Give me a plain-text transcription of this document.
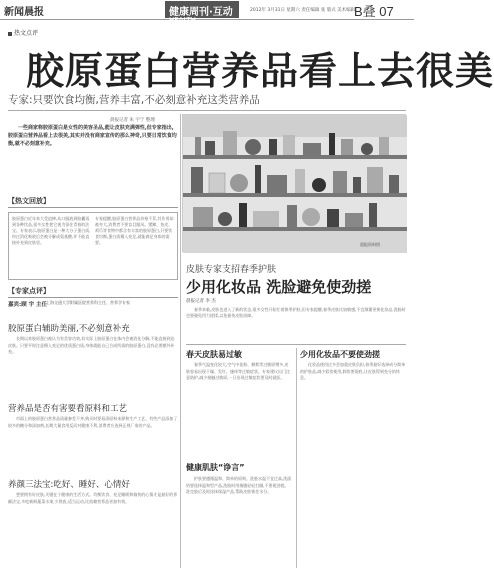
新闻晨报	健康周刊·互动
HEALTH
2012年 3月31日 星期六 责任编辑 张 版式 美术编辑
B叠 07
热文点评
胶原蛋白营养品看上去很美
专家:只要饮食均衡,营养丰富,不必刻意补充这类营养品
晨报记者 朱 宇宁 整理

一些商家称胶原蛋白是女性的美容圣品,能让皮肤充满弹性,但专家指出,胶原蛋白营养品看上去很美,其实并没有商家宣传的那么神奇,只要日常饮食均衡,就不必刻意补充。

【热文回放】

胶原蛋白近年来大受追捧,从口服液到胶囊再到各种饮品,很多女性把它视为留住青春的法宝。专家表示,胶原蛋白是一种大分子蛋白质,经过消化吸收后会被分解成氨基酸,并不能直接补充到皮肤里。

专家提醒,胶原蛋白营养品价格不菲,其作用却被夸大,消费者不要盲目跟风。猪蹄、鱼皮、鸡爪等食物中都含有丰富的胶原蛋白,只要饮食均衡,蛋白质摄入充足,就能满足身体的需要。

【专家点评】
嘉宾:顾 宇 主任
上海交通大学附属医院营养科主任、营养学专家
胶原蛋白辅助美丽,不必刻意补充
长期以来胶原蛋白被认为有美容功效,但实际上胶原蛋白在体内会被消化分解,不能直接到达皮肤。只要平时注意摄入充足的优质蛋白质,身体就能自己合成所需的胶原蛋白,没有必要额外补充。
营养品是否有害要看原料和工艺
市面上的胶原蛋白营养品质量参差不齐,购买时要看清原料来源和生产工艺。有些产品添加了较多的糖分和添加剂,长期大量食用反而对健康不利,消费者应选择正规厂家的产品。
养颜三法宝:吃好、睡好、心情好
想要拥有好皮肤,关键在于健康的生活方式。均衡饮食、充足睡眠和愉快的心情才是最好的养颜法宝,多吃新鲜蔬菜水果,少熬夜,适当运动,比依赖营养品更加有效。
晨报资料图
皮肤专家支招春季护肤
少用化妆品 洗脸避免使劲搓
晨报记者 李 杰

春季来临,皮肤也进入了新的状态,很多女性开始忙着换季护肤,但专家提醒,春季皮肤比较敏感,不宜频繁更换化妆品,洗脸时也要避免用力搓揉,以免损伤皮肤屏障。

春天皮肤易过敏
春季气温变化较大,空气中花粉、柳絮等过敏原增多,皮肤容易出现干燥、发红、瘙痒等过敏症状。专家建议出门注意防护,减少接触过敏原,一旦出现过敏症状要及时就医。
健康肌肤“诤言”
护肤要遵循温和、简单的原则。洗脸水温不宜过高,洗面奶要选择温和型产品,洗脸时用指腹轻轻打圈,不要使劲搓。洗完脸后及时涂抹保湿产品,帮助皮肤锁住水分。
少用化妆品不要使劲搓
化妆品使用过多会加重皮肤负担,春季最好选择成分简单的护肤品,减少彩妆使用,卸妆要彻底,让皮肤得到充分的休息。
